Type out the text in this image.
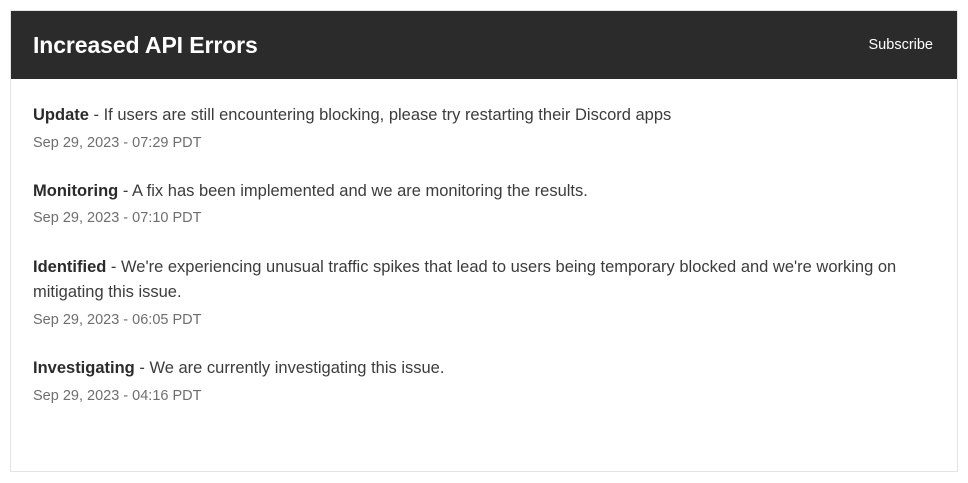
Increased API Errors	Subscribe

Update - If users are still encountering blocking, please try restarting their Discord apps

Sep 29, 2023 - 07:29 PDT

Monitoring - A fix has been implemented and we are monitoring the results.

Sep 29, 2023 - 07:10 PDT

Identified - We're experiencing unusual traffic spikes that lead to users being temporary blocked and we're working on mitigating this issue.

Sep 29, 2023 - 06:05 PDT

Investigating - We are currently investigating this issue.

Sep 29, 2023 - 04:16 PDT
